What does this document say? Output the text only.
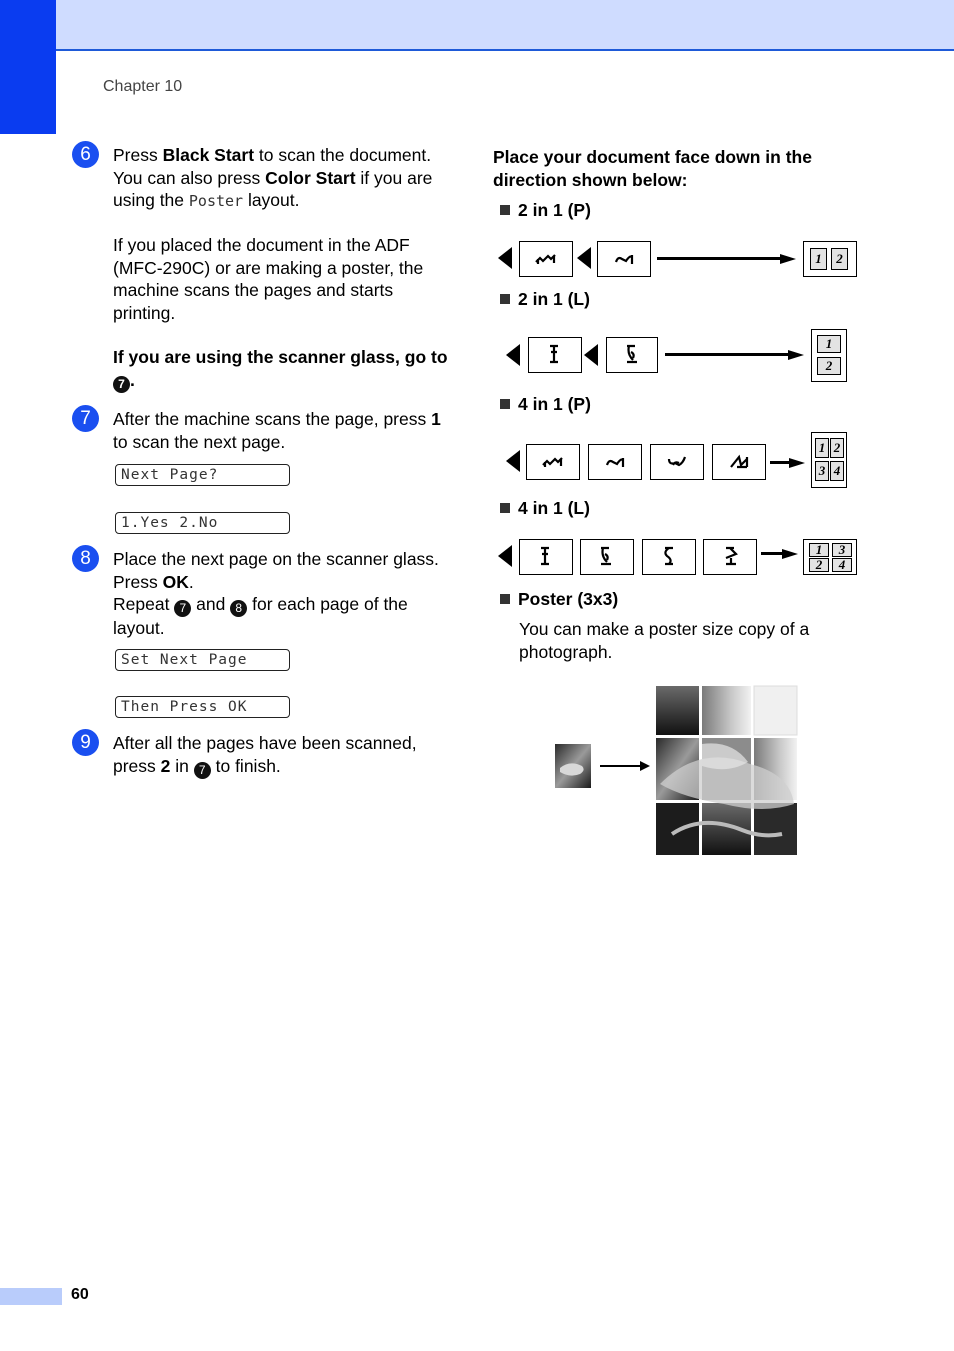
Chapter 10
6	Press Black Start to scan the document. You can also press Color Start if you are using the Poster layout.
If you placed the document in the ADF (MFC-290C) or are making a poster, the machine scans the pages and starts printing.
If you are using the scanner glass, go to 7 .
7	After the machine scans the page, press 1 to scan the next page.
Next Page?
1.Yes 2.No
8	Place the next page on the scanner glass. Press OK.
Repeat 7 and 8 for each page of the layout.
Set Next Page
Then Press OK
9	After all the pages have been scanned, press 2 in 7 to finish.
Place your document face down in the direction shown below:
2 in 1 (P)
1	2
2 in 1 (L)
1
2
4 in 1 (P)
1 2
3 4
4 in 1 (L)
1	3
2	4
Poster (3x3)
You can make a poster size copy of a photograph.
60
